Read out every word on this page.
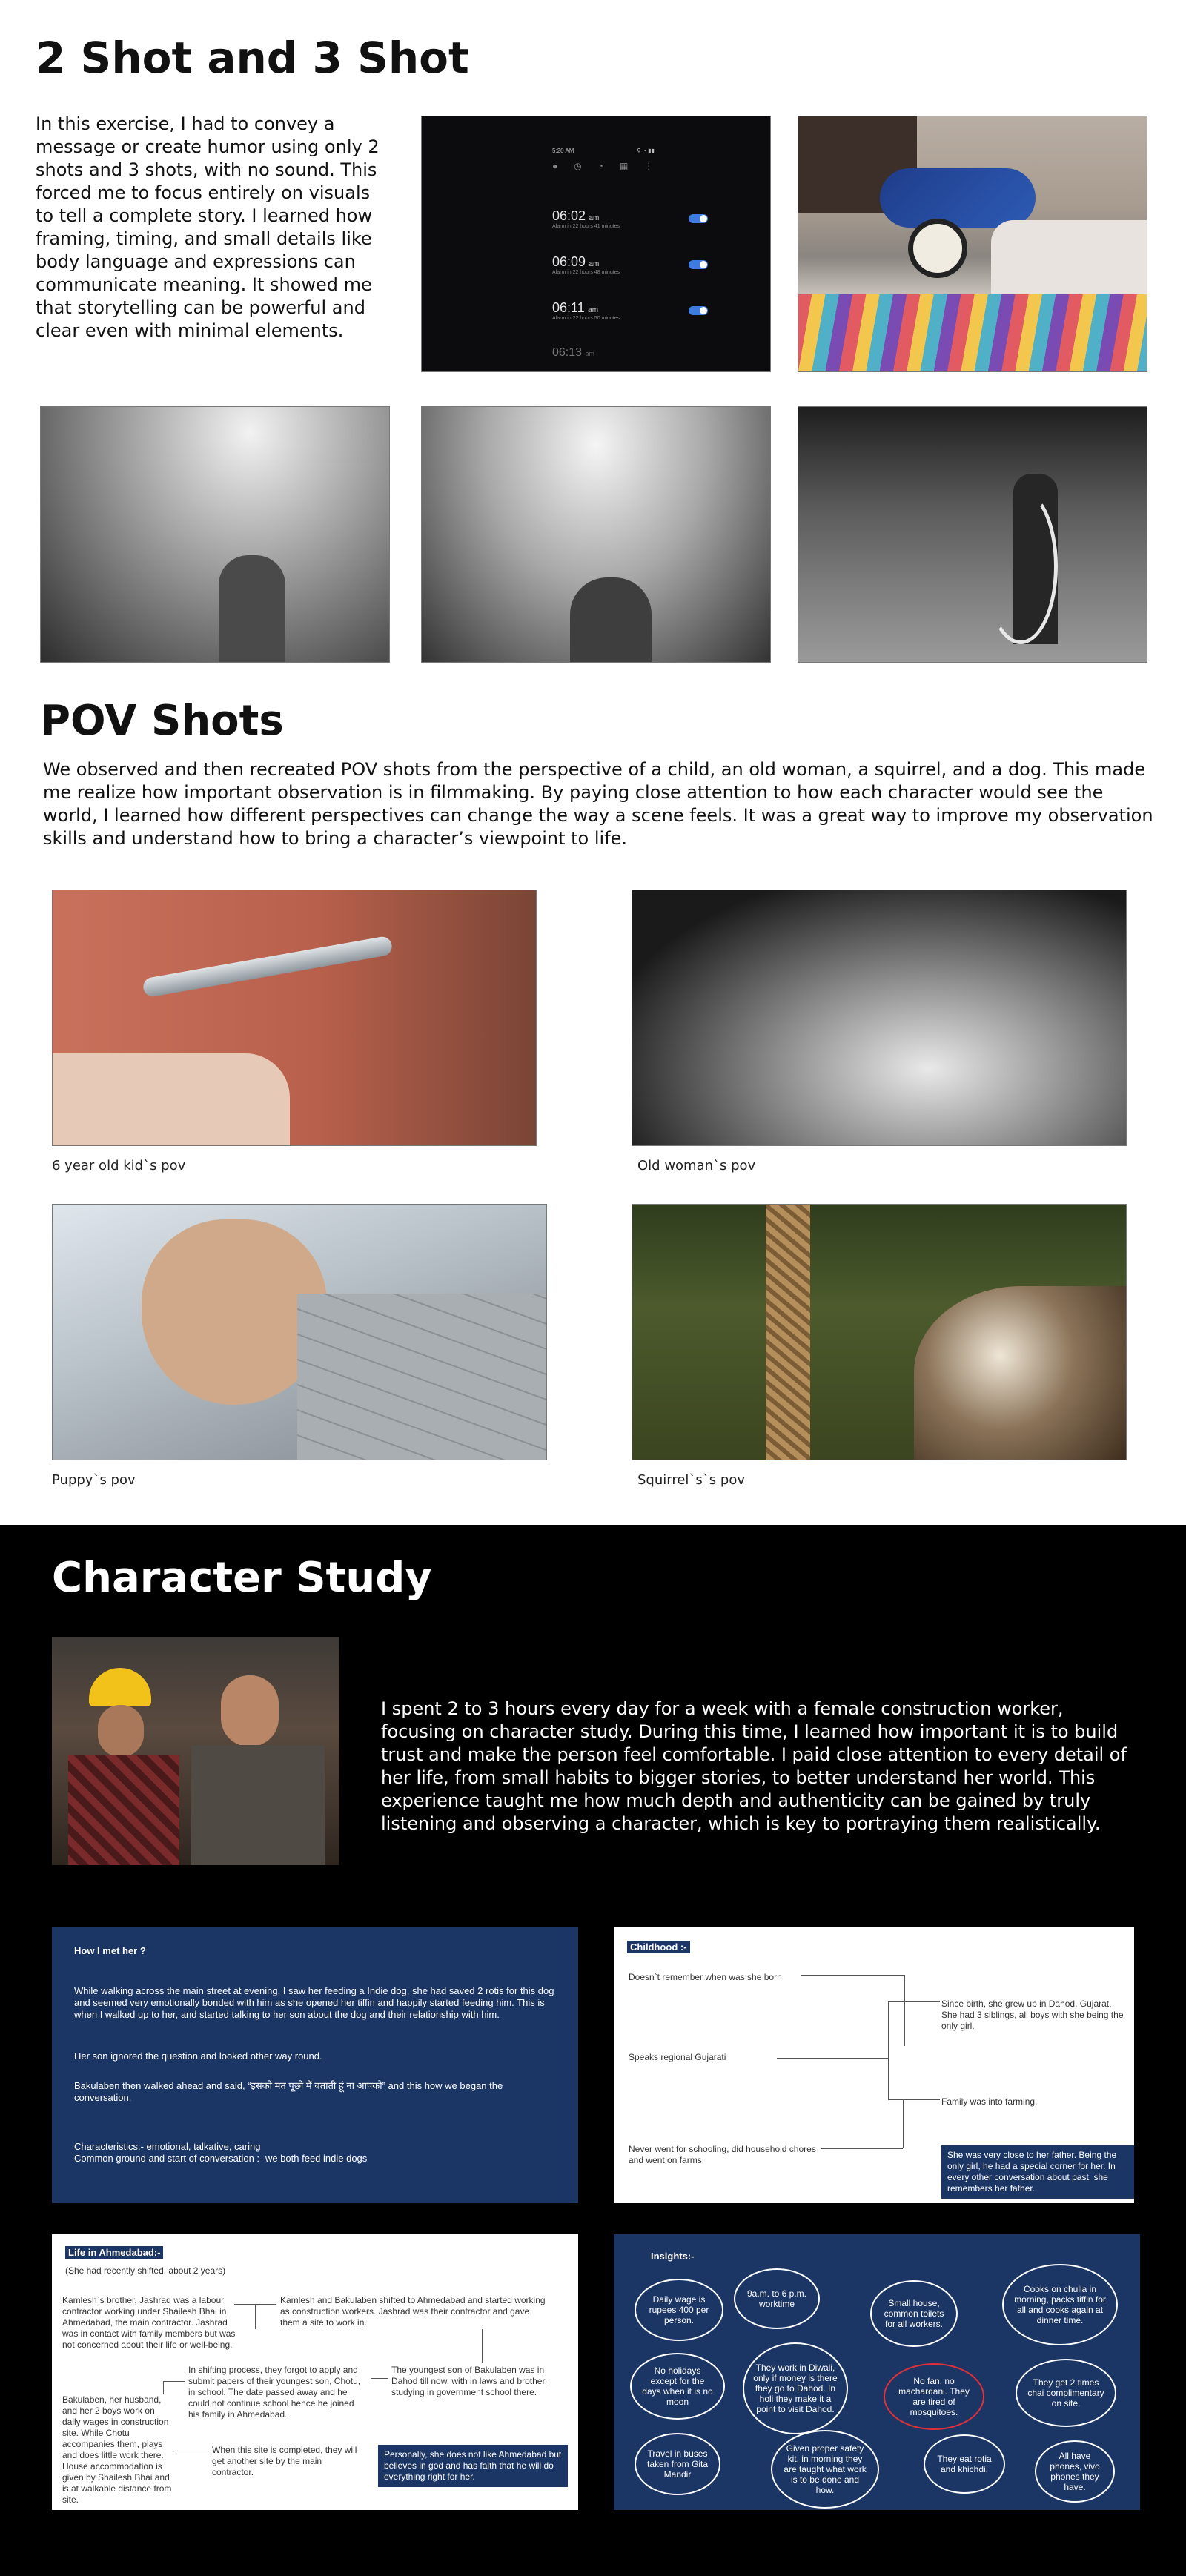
2 Shot and 3 Shot

In this exercise, I had to convey a message or create humor using only 2 shots and 3 shots, with no sound. This forced me to focus entirely on visuals to tell a complete story. I learned how framing, timing, and small details like body language and expressions can communicate meaning. It showed me that storytelling can be powerful and clear even with minimal elements.

5:20 AM	⚲ ◔ ▮▮
●◷◔▦⋮
06:02 am
Alarm in 22 hours 41 minutes
06:09 am
Alarm in 22 hours 48 minutes
06:11 am
Alarm in 22 hours 50 minutes
06:13 am
POV Shots

We observed and then recreated POV shots from the perspective of a child, an old woman, a squirrel, and a dog. This made me realize how important observation is in filmmaking. By paying close attention to how each character would see the world, I learned how different perspectives can change the way a scene feels. It was a great way to improve my observation skills and understand how to bring a character’s viewpoint to life.

6 year old kid`s pov	Old woman`s pov
Puppy`s pov	Squirrel`s`s pov
Character Study

I spent 2 to 3 hours every day for a week with a female construction worker, focusing on character study. During this time, I learned how important it is to build trust and make the person feel comfortable. I paid close attention to every detail of her life, from small habits to bigger stories, to better understand her world. This experience taught me how much depth and authenticity can be gained by truly listening and observing a character, which is key to portraying them realistically.

How I met her ?
While walking across the main street at evening, I saw her feeding a Indie dog, she had saved 2 rotis for this dog and seemed very emotionally bonded with him as she opened her tiffin and happily started feeding him. This is when I walked up to her, and started talking to her son about the dog and their relationship with him.
Her son ignored the question and looked other way round.
Bakulaben then walked ahead and said, “इसको मत पूछो मैं बताती हूं ना आपको” and this how we began the conversation.
Characteristics:- emotional, talkative, caring
Common ground and start of conversation :- we both feed indie dogs
Childhood :-
Doesn`t remember when was she born
Speaks regional Gujarati
Never went for schooling, did household chores and went on farms.
Since birth, she grew up in Dahod, Gujarat. She had 3 siblings, all boys with she being the only girl.
Family was into farming,
She was very close to her father. Being the only girl, he had a special corner for her. In every other conversation about past, she remembers her father.
Life in Ahmedabad:-
(She had recently shifted, about 2 years)
Kamlesh`s brother, Jashrad was a labour contractor working under Shailesh Bhai in Ahmedabad, the main contractor. Jashrad was in contact with family members but was not concerned about their life or well-being.
Kamlesh and Bakulaben shifted to Ahmedabad and started working as construction workers. Jashrad was their contractor and gave them a site to work in.
The youngest son of Bakulaben was in Dahod till now, with in laws and brother, studying in government school there.
In shifting process, they forgot to apply and submit papers of their youngest son, Chotu, in school. The date passed away and he could not continue school hence he joined his family in Ahmedabad.
Bakulaben, her husband, and her 2 boys work on daily wages in construction site. While Chotu accompanies them, plays and does little work there. House accommodation is given by Shailesh Bhai and is at walkable distance from site.
When this site is completed, they will get another site by the main contractor.
Personally, she does not like Ahmedabad but believes in god and has faith that he will do everything right for her.
Insights:-
Daily wage is rupees 400 per person.
9a.m. to 6 p.m. worktime	Small house, common toilets for all workers.
Cooks on chulla in morning, packs tiffin for all and cooks again at dinner time.
No holidays except for the days when it is no moon
They work in Diwali, only if money is there they go to Dahod. In holi they make it a point to visit Dahod.
No fan, no machardani. They are tired of mosquitoes.
They get 2 times chai complimentary on site.
Travel in buses taken from Gita Mandir
Given proper safety kit, in morning they are taught what work is to be done and how.
They eat rotia and khichdi.
All have phones, vivo phones they have.
